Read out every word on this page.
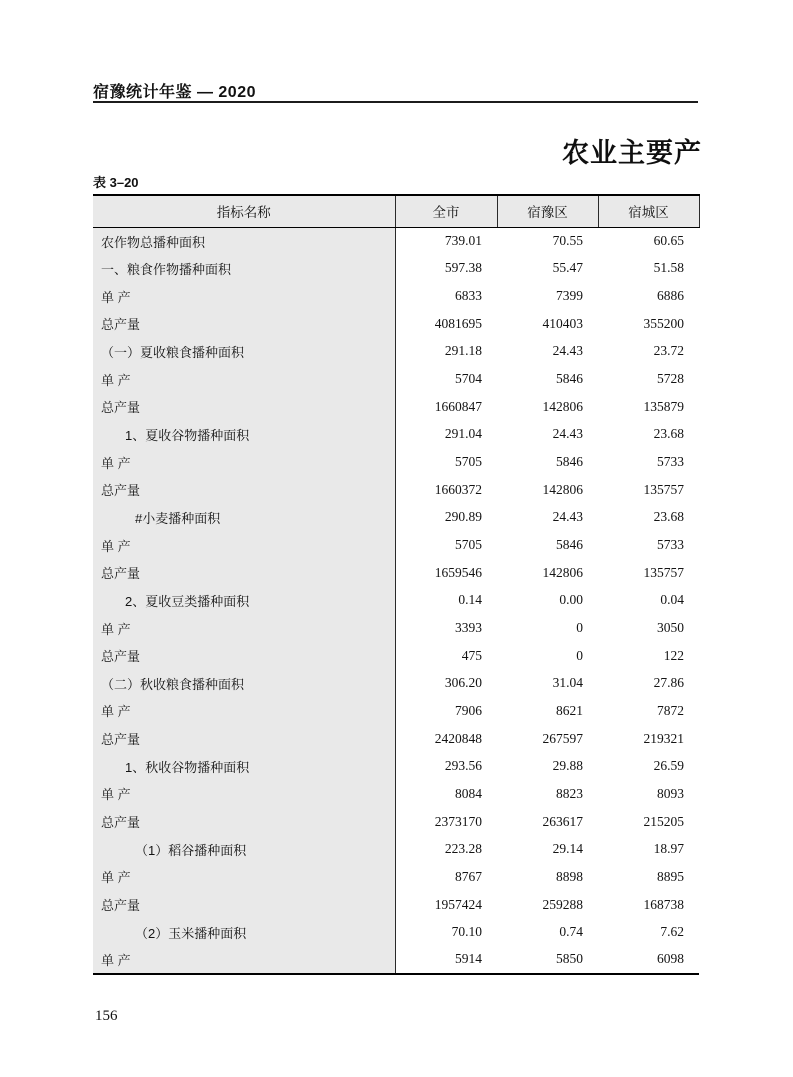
宿豫统计年鉴 — 2020
农业主要产
表 3–20
指标名称	全市	宿豫区	宿城区
农作物总播种面积	739.01	70.55	60.65
一、粮食作物播种面积	597.38	55.47	51.58
单 产	6833	7399	6886
总产量	4081695	410403	355200
（一）夏收粮食播种面积	291.18	24.43	23.72
单 产	5704	5846	5728
总产量	1660847	142806	135879
1、夏收谷物播种面积	291.04	24.43	23.68
单 产	5705	5846	5733
总产量	1660372	142806	135757
#小麦播种面积	290.89	24.43	23.68
单 产	5705	5846	5733
总产量	1659546	142806	135757
2、夏收豆类播种面积	0.14	0.00	0.04
单 产	3393	0	3050
总产量	475	0	122
（二）秋收粮食播种面积	306.20	31.04	27.86
单 产	7906	8621	7872
总产量	2420848	267597	219321
1、秋收谷物播种面积	293.56	29.88	26.59
单 产	8084	8823	8093
总产量	2373170	263617	215205
（1）稻谷播种面积	223.28	29.14	18.97
单 产	8767	8898	8895
总产量	1957424	259288	168738
（2）玉米播种面积	70.10	0.74	7.62
单 产	5914	5850	6098
156
